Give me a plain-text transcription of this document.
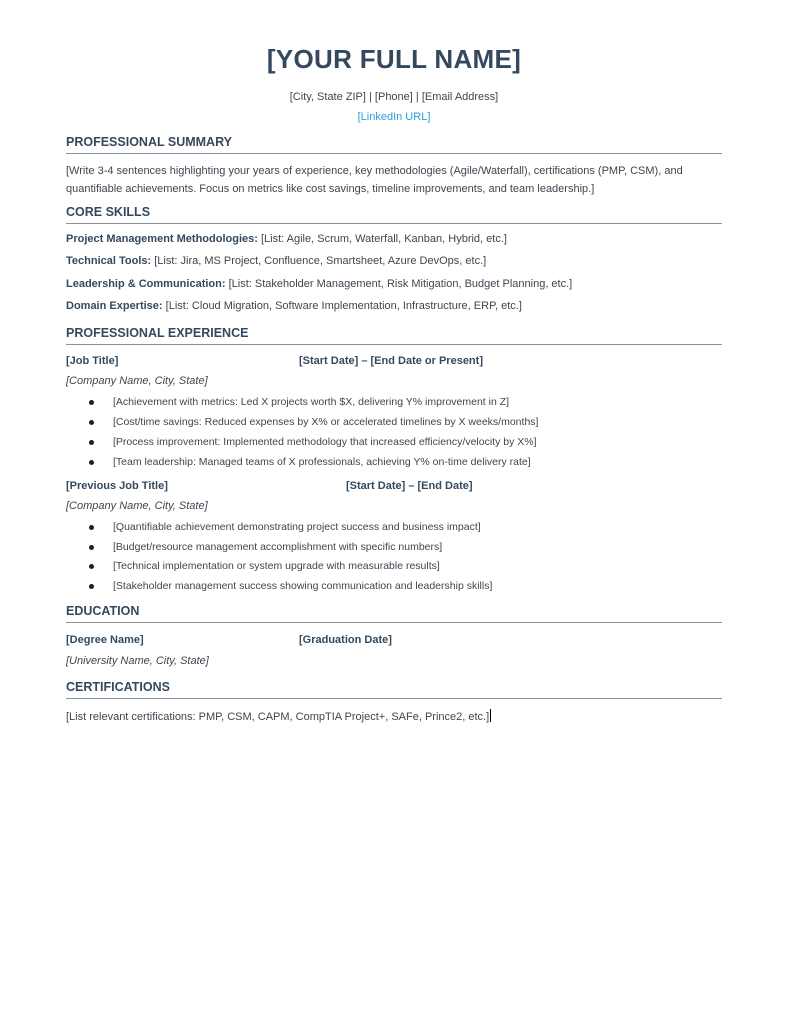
[YOUR FULL NAME]
[City, State ZIP] | [Phone] | [Email Address]
[LinkedIn URL]
PROFESSIONAL SUMMARY
[Write 3-4 sentences highlighting your years of experience, key methodologies (Agile/Waterfall), certifications (PMP, CSM), and quantifiable achievements. Focus on metrics like cost savings, timeline improvements, and team leadership.]
CORE SKILLS
Project Management Methodologies: [List: Agile, Scrum, Waterfall, Kanban, Hybrid, etc.]
Technical Tools: [List: Jira, MS Project, Confluence, Smartsheet, Azure DevOps, etc.]
Leadership & Communication: [List: Stakeholder Management, Risk Mitigation, Budget Planning, etc.]
Domain Expertise: [List: Cloud Migration, Software Implementation, Infrastructure, ERP, etc.]
PROFESSIONAL EXPERIENCE
[Job Title]	[Start Date] – [End Date or Present]
[Company Name, City, State]
[Achievement with metrics: Led X projects worth $X, delivering Y% improvement in Z]
[Cost/time savings: Reduced expenses by X% or accelerated timelines by X weeks/months]
[Process improvement: Implemented methodology that increased efficiency/velocity by X%]
[Team leadership: Managed teams of X professionals, achieving Y% on-time delivery rate]
[Previous Job Title]	[Start Date] – [End Date]
[Company Name, City, State]
[Quantifiable achievement demonstrating project success and business impact]
[Budget/resource management accomplishment with specific numbers]
[Technical implementation or system upgrade with measurable results]
[Stakeholder management success showing communication and leadership skills]
EDUCATION
[Degree Name]	[Graduation Date]
[University Name, City, State]
CERTIFICATIONS
[List relevant certifications: PMP, CSM, CAPM, CompTIA Project+, SAFe, Prince2, etc.]
